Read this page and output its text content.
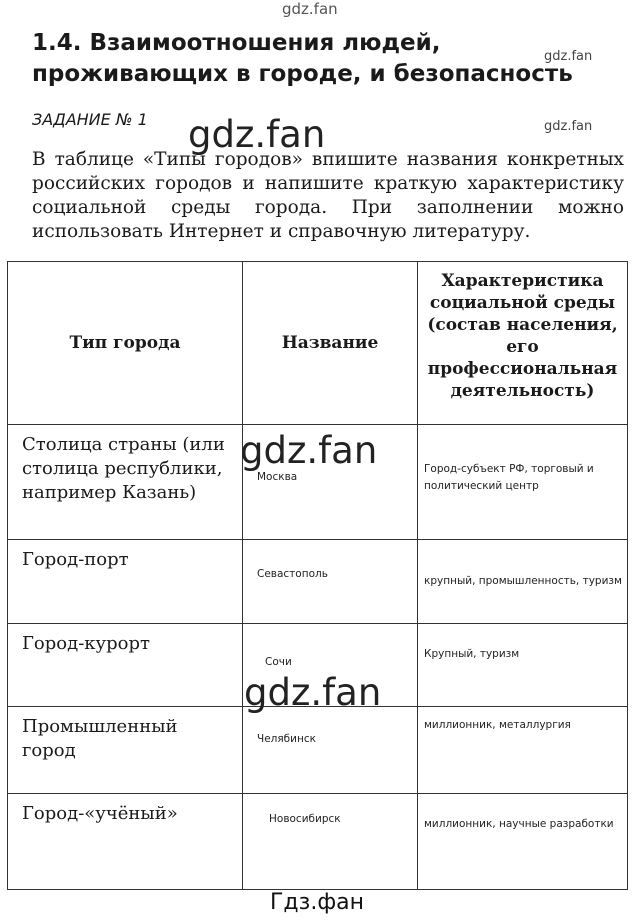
gdz.fan
gdz.fan
gdz.fan
1.4. Взаимоотношения людей, проживающих в городе, и безопасность
ЗАДАНИЕ № 1
В таблице «Типы городов» впишите названия конкретных российских городов и напишите краткую характеристику социальной среды города. При заполнении можно использовать Интернет и справочную литературу.
Тип города	Название	Характеристика социальной среды (состав населения, его профессиональная деятельность)
Столица страны (или столица республики, например Казань)	Москва	Город-субъект РФ, торговый и политический центр

Город-порт	Севастополь	крупный, промышленность, туризм

Город-курорт	Сочи	Крупный, туризм

Промышленный город	Челябинск	миллионник, металлургия

Город-«учёный»	Новосибирск	миллионник, научные разработки
gdz.fan
gdz.fan
gdz.fan
Гдз.фан
